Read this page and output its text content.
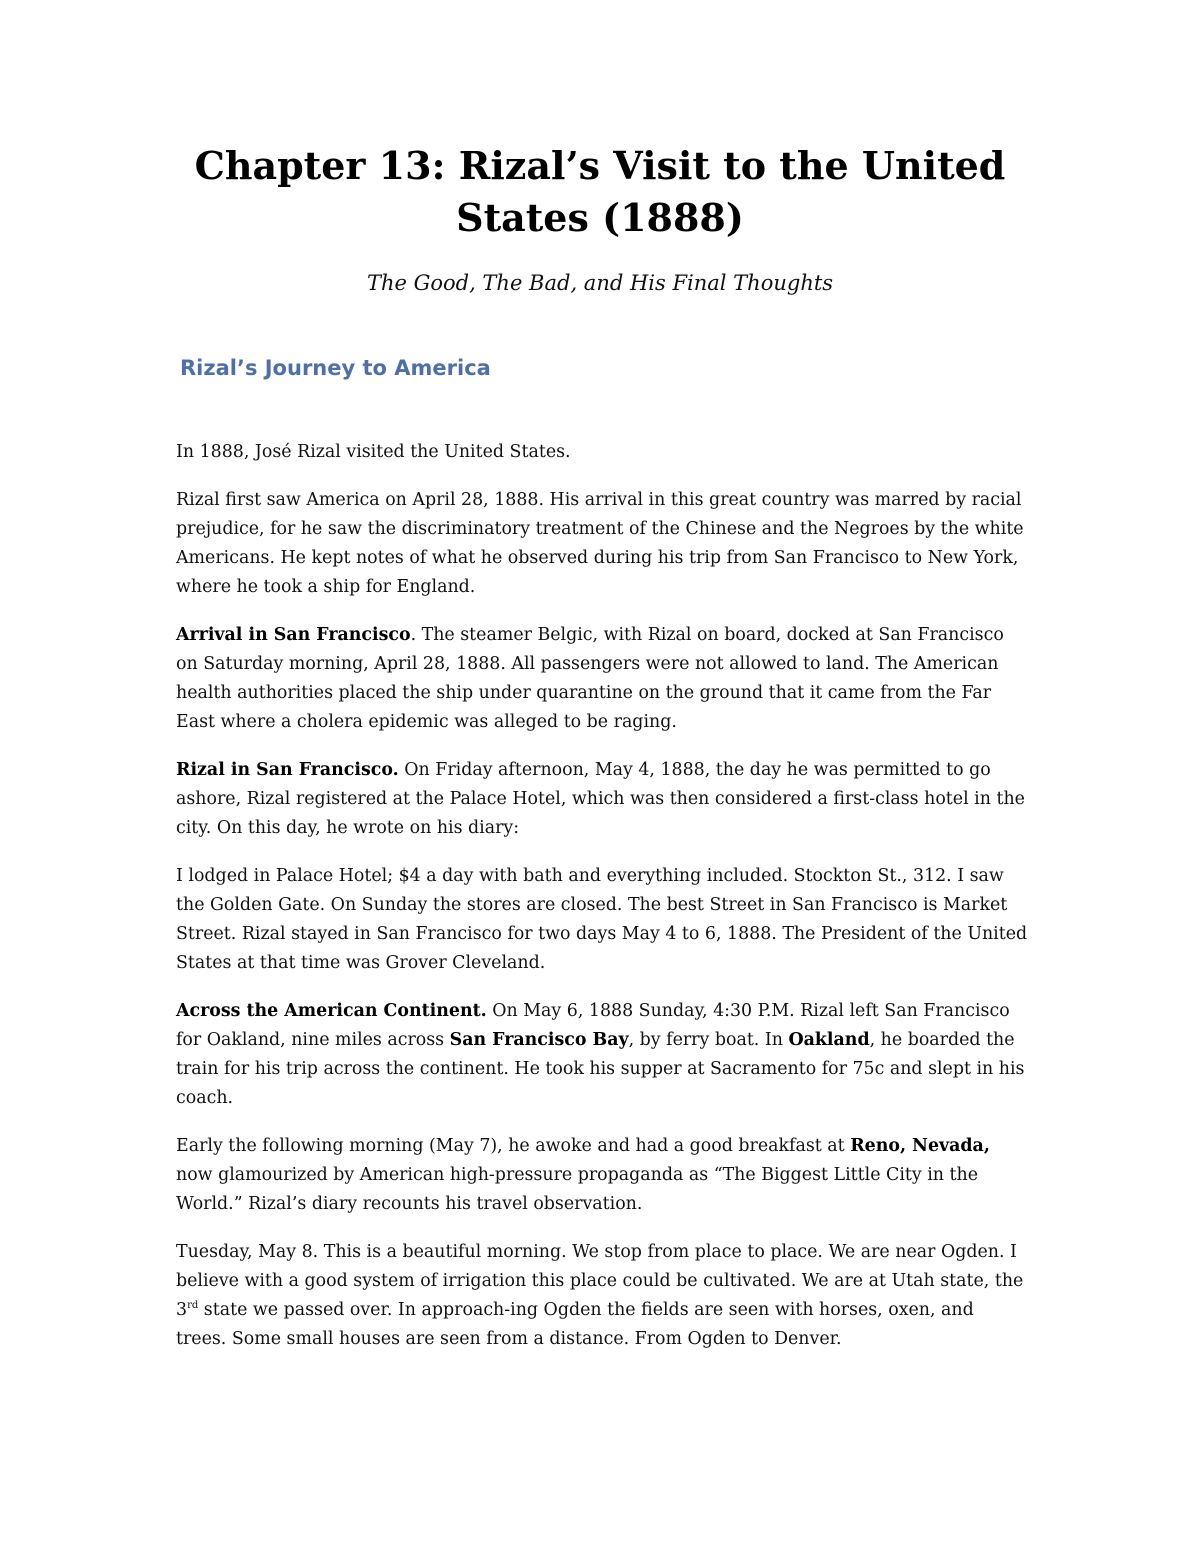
Chapter 13: Rizal’s Visit to the United States (1888)
The Good, The Bad, and His Final Thoughts
Rizal’s Journey to America

In 1888, José Rizal visited the United States.

Rizal first saw America on April 28, 1888. His arrival in this great country was marred by racial prejudice, for he saw the discriminatory treatment of the Chinese and the Negroes by the white Americans. He kept notes of what he observed during his trip from San Francisco to New York, where he took a ship for England.

Arrival in San Francisco. The steamer Belgic, with Rizal on board, docked at San Francisco on Saturday morning, April 28, 1888. All passengers were not allowed to land. The American health authorities placed the ship under quarantine on the ground that it came from the Far East where a cholera epidemic was alleged to be raging.

Rizal in San Francisco. On Friday afternoon, May 4, 1888, the day he was permitted to go ashore, Rizal registered at the Palace Hotel, which was then considered a first-class hotel in the city. On this day, he wrote on his diary:

I lodged in Palace Hotel; $4 a day with bath and everything included. Stockton St., 312. I saw the Golden Gate. On Sunday the stores are closed. The best Street in San Francisco is Market Street. Rizal stayed in San Francisco for two days May 4 to 6, 1888. The President of the United States at that time was Grover Cleveland.

Across the American Continent. On May 6, 1888 Sunday, 4:30 P.M. Rizal left San Francisco for Oakland, nine miles across San Francisco Bay, by ferry boat. In Oakland, he boarded the train for his trip across the continent. He took his supper at Sacramento for 75c and slept in his coach.

Early the following morning (May 7), he awoke and had a good breakfast at Reno, Nevada, now glamourized by American high-pressure propaganda as “The Biggest Little City in the World.” Rizal’s diary recounts his travel observation.

Tuesday, May 8. This is a beautiful morning. We stop from place to place. We are near Ogden. I believe with a good system of irrigation this place could be cultivated. We are at Utah state, the 3rd state we passed over. In approach-ing Ogden the fields are seen with horses, oxen, and trees. Some small houses are seen from a distance. From Ogden to Denver.
